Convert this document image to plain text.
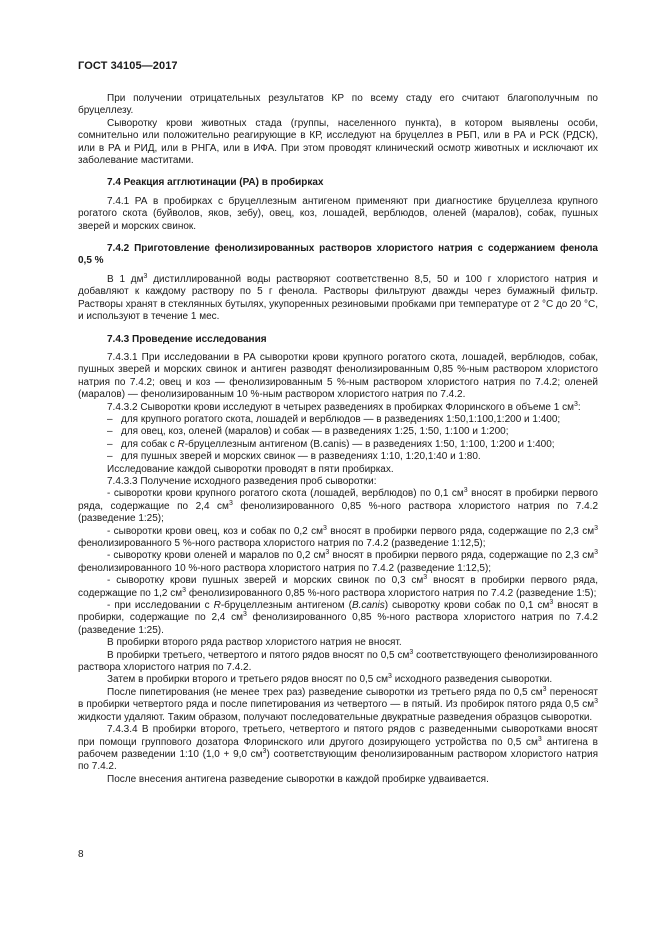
ГОСТ 34105—2017

При получении отрицательных результатов КР по всему стаду его считают благополучным по бруцеллезу.

Сыворотку крови животных стада (группы, населенного пункта), в котором выявлены особи, сомнительно или положительно реагирующие в КР, исследуют на бруцеллез в РБП, или в РА и РСК (РДСК), или в РА и РИД, или в РНГА, или в ИФА. При этом проводят клинический осмотр животных и исключают их заболевание маститами.

7.4 Реакция агглютинации (РА) в пробирках

7.4.1 РА в пробирках с бруцеллезным антигеном применяют при диагностике бруцеллеза крупного рогатого скота (буйволов, яков, зебу), овец, коз, лошадей, верблюдов, оленей (маралов), собак, пушных зверей и морских свинок.

7.4.2 Приготовление фенолизированных растворов хлористого натрия с содержанием фенола 0,5 %

В 1 $дм^3$ дистиллированной воды растворяют соответственно 8,5, 50 и 100 г хлористого натрия и добавляют к каждому раствору по 5 г фенола. Растворы фильтруют дважды через бумажный фильтр. Растворы хранят в стеклянных бутылях, укупоренных резиновыми пробками при температуре от 2 °С до 20 °С, и используют в течение 1 мес.

7.4.3 Проведение исследования

7.4.3.1 При исследовании в РА сыворотки крови крупного рогатого скота, лошадей, верблюдов, собак, пушных зверей и морских свинок и антиген разводят фенолизированным 0,85 %-ным раствором хлористого натрия по 7.4.2; овец и коз — фенолизированным 5 %-ным раствором хлористого натрия по 7.4.2; оленей (маралов) — фенолизированным 10 %-ным раствором хлористого натрия по 7.4.2.

7.4.3.2 Сыворотки крови исследуют в четырех разведениях в пробирках Флоринского в объеме 1 $см^3$:

– для крупного рогатого скота, лошадей и верблюдов — в разведениях 1:50,1:100,1:200 и 1:400;
– для овец, коз, оленей (маралов) и собак — в разведениях 1:25, 1:50, 1:100 и 1:200;
– для собак с R-бруцеллезным антигеном (B.canis) — в разведениях 1:50, 1:100, 1:200 и 1:400;
– для пушных зверей и морских свинок — в разведениях 1:10, 1:20,1:40 и 1:80.

Исследование каждой сыворотки проводят в пяти пробирках.

7.4.3.3 Получение исходного разведения проб сыворотки:

- сыворотки крови крупного рогатого скота (лошадей, верблюдов) по 0,1 $см^3$ вносят в пробирки первого ряда, содержащие по 2,4 $см^3$ фенолизированного 0,85 %-ного раствора хлористого натрия по 7.4.2 (разведение 1:25);

- сыворотки крови овец, коз и собак по 0,2 $см^3$ вносят в пробирки первого ряда, содержащие по 2,3 $см^3$ фенолизированного 5 %-ного раствора хлористого натрия по 7.4.2 (разведение 1:12,5);

- сыворотку крови оленей и маралов по 0,2 $см^3$ вносят в пробирки первого ряда, содержащие по 2,3 $см^3$ фенолизированного 10 %-ного раствора хлористого натрия по 7.4.2 (разведение 1:12,5);

- сыворотку крови пушных зверей и морских свинок по 0,3 $см^3$ вносят в пробирки первого ряда, содержащие по 1,2 $см^3$ фенолизированного 0,85 %-ного раствора хлористого натрия по 7.4.2 (разведение 1:5);

- при исследовании с R-бруцеллезным антигеном (B.canis) сыворотку крови собак по 0,1 $см^3$ вносят в пробирки, содержащие по 2,4 $см^3$ фенолизированного 0,85 %-ного раствора хлористого натрия по 7.4.2 (разведение 1:25).

В пробирки второго ряда раствор хлористого натрия не вносят.

В пробирки третьего, четвертого и пятого рядов вносят по 0,5 $см^3$ соответствующего фенолизированного раствора хлористого натрия по 7.4.2.

Затем в пробирки второго и третьего рядов вносят по 0,5 $см^3$ исходного разведения сыворотки.

После пипетирования (не менее трех раз) разведение сыворотки из третьего ряда по 0,5 $см^3$ переносят в пробирки четвертого ряда и после пипетирования из четвертого — в пятый. Из пробирок пятого ряда 0,5 $см^3$ жидкости удаляют. Таким образом, получают последовательные двукратные разведения образцов сыворотки.

7.4.3.4 В пробирки второго, третьего, четвертого и пятого рядов с разведенными сыворотками вносят при помощи группового дозатора Флоринского или другого дозирующего устройства по 0,5 $см^3$ антигена в рабочем разведении 1:10 (1,0 + 9,0 $см^3$) соответствующим фенолизированным раствором хлористого натрия по 7.4.2.

После внесения антигена разведение сыворотки в каждой пробирке удваивается.

8
